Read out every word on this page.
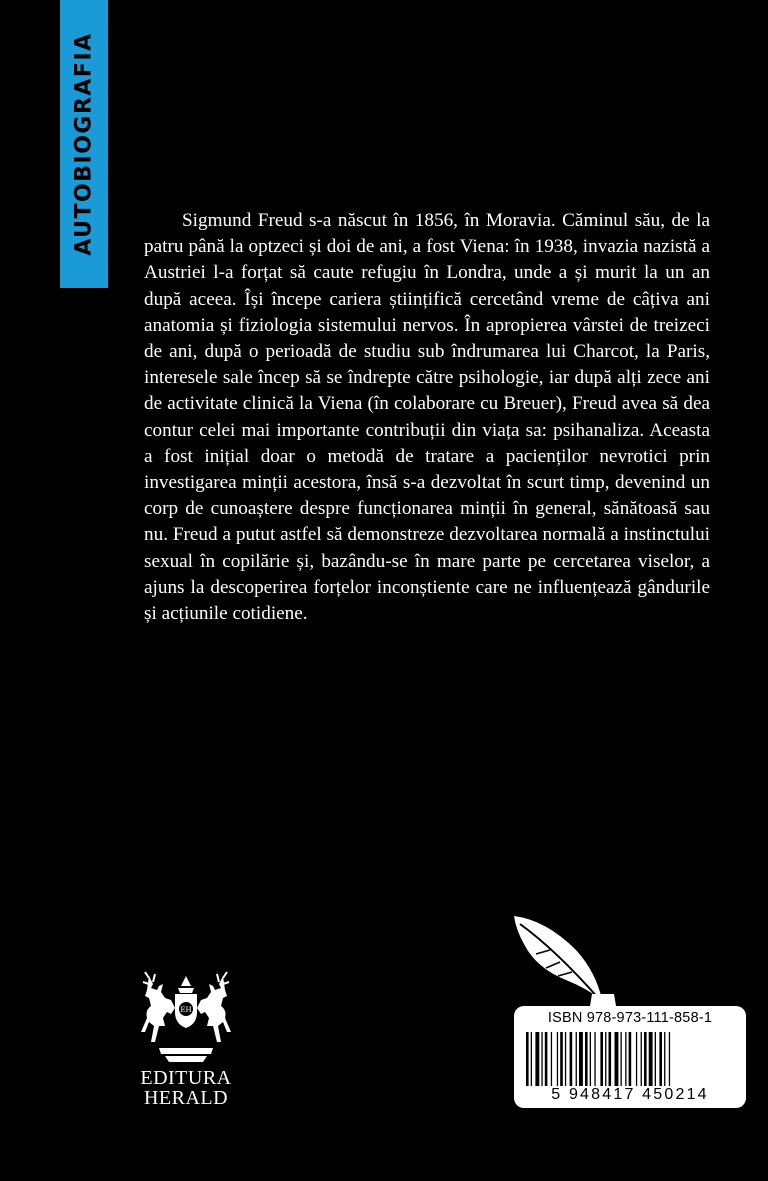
AUTOBIOGRAFIA	Sigmund Freud s-a născut în 1856, în Moravia. Căminul său, de la patru până la optzeci și doi de ani, a fost Viena: în 1938, invazia nazistă a Austriei l-a forțat să caute refugiu în Londra, unde a și murit la un an după aceea. Își începe cariera științifică cercetând vreme de câțiva ani anatomia și fiziologia sistemului nervos. În apropierea vârstei de treizeci de ani, după o perioadă de studiu sub îndrumarea lui Charcot, la Paris, interesele sale încep să se îndrepte către psihologie, iar după alți zece ani de activitate clinică la Viena (în colaborare cu Breuer), Freud avea să dea contur celei mai importante contribuții din viața sa: psihanaliza. Aceasta a fost inițial doar o metodă de tratare a pacienților nevrotici prin investigarea minții acestora, însă s-a dezvoltat în scurt timp, devenind un corp de cunoaștere despre funcționarea minții în general, sănătoasă sau nu. Freud a putut astfel să demonstreze dezvoltarea normală a instinctului sexual în copilărie și, bazându-se în mare parte pe cercetarea viselor, a ajuns la descoperirea forțelor inconștiente care ne influențează gândurile și acțiunile cotidiene.

EH
EDITURA
HERALD
ISBN 978-973-111-858-1
5 948417 450214
